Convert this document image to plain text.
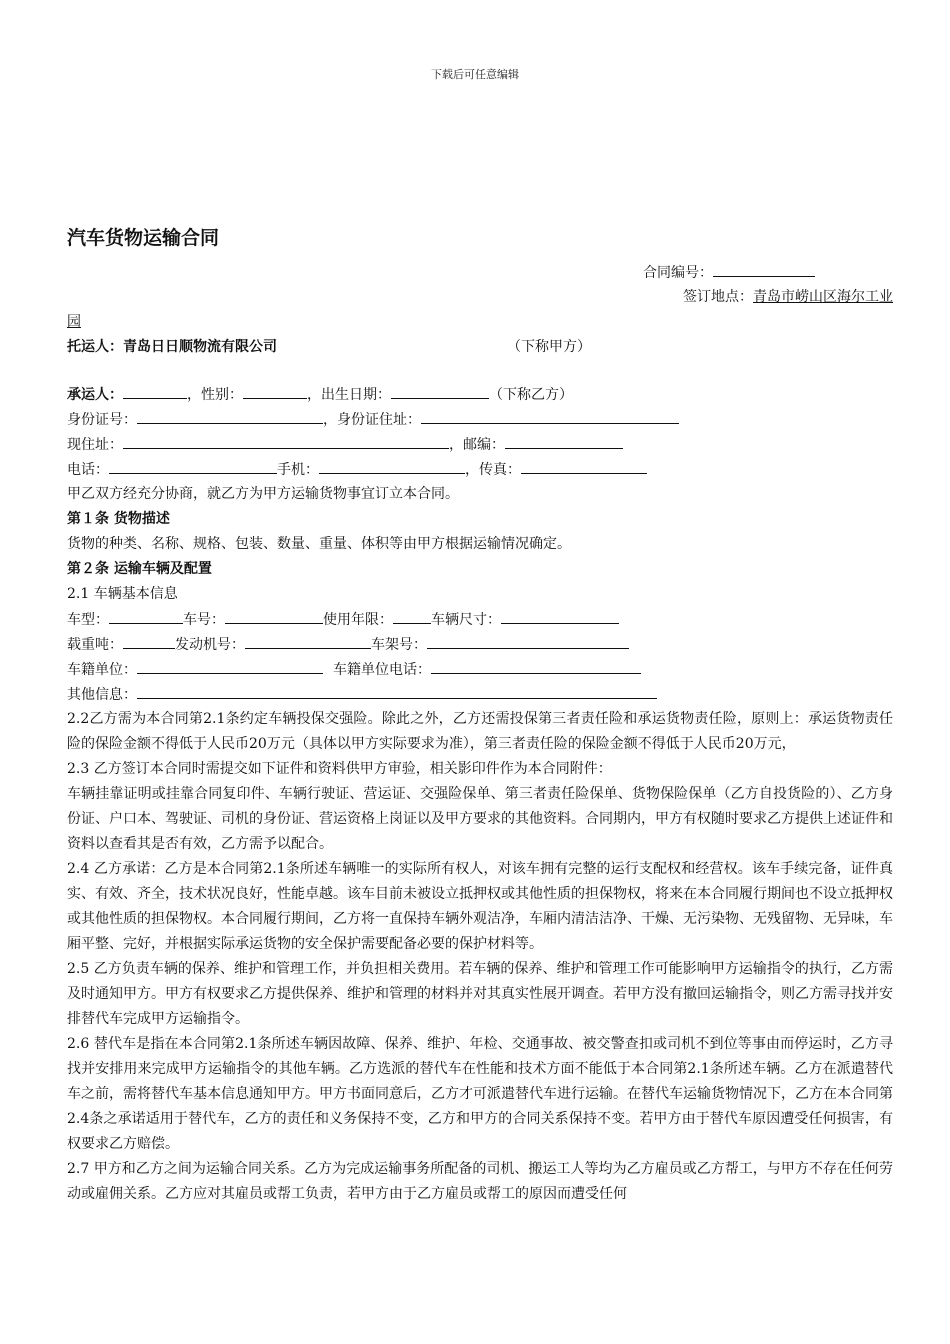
下载后可任意编辑
汽车货物运输合同
合同编号：
签订地点：青岛市崂山区海尔工业
园
托运人：青岛日日顺物流有限公司	（下称甲方）
承运人：	，性别：	，出生日期：	（下称乙方）
身份证号：	，身份证住址：
现住址：	，邮编：
电话：	手机：	，传真：
甲乙双方经充分协商，就乙方为甲方运输货物事宜订立本合同。
第１条 货物描述
货物的种类、名称、规格、包装、数量、重量、体积等由甲方根据运输情况确定。
第２条 运输车辆及配置
2.1 车辆基本信息
车型：	车号：	使用年限：	车辆尺寸：
载重吨：	发动机号：	车架号：
车籍单位：	车籍单位电话：
其他信息：

2.2乙方需为本合同第2.1条约定车辆投保交强险。除此之外，乙方还需投保第三者责任险和承运货物责任险，原则上：承运货物责任险的保险金额不得低于人民币20万元（具体以甲方实际要求为准），第三者责任险的保险金额不得低于人民币20万元，

2.3 乙方签订本合同时需提交如下证件和资料供甲方审验，相关影印件作为本合同附件：

车辆挂靠证明或挂靠合同复印件、车辆行驶证、营运证、交强险保单、第三者责任险保单、货物保险保单（乙方自投货险的）、乙方身份证、户口本、驾驶证、司机的身份证、营运资格上岗证以及甲方要求的其他资料。合同期内，甲方有权随时要求乙方提供上述证件和资料以查看其是否有效，乙方需予以配合。

2.4 乙方承诺：乙方是本合同第2.1条所述车辆唯一的实际所有权人，对该车拥有完整的运行支配权和经营权。该车手续完备，证件真实、有效、齐全，技术状况良好，性能卓越。该车目前未被设立抵押权或其他性质的担保物权，将来在本合同履行期间也不设立抵押权或其他性质的担保物权。本合同履行期间，乙方将一直保持车辆外观洁净，车厢内清洁洁净、干燥、无污染物、无残留物、无异味，车厢平整、完好，并根据实际承运货物的安全保护需要配备必要的保护材料等。

2.5 乙方负责车辆的保养、维护和管理工作，并负担相关费用。若车辆的保养、维护和管理工作可能影响甲方运输指令的执行，乙方需及时通知甲方。甲方有权要求乙方提供保养、维护和管理的材料并对其真实性展开调查。若甲方没有撤回运输指令，则乙方需寻找并安排替代车完成甲方运输指令。

2.6 替代车是指在本合同第2.1条所述车辆因故障、保养、维护、年检、交通事故、被交警查扣或司机不到位等事由而停运时，乙方寻找并安排用来完成甲方运输指令的其他车辆。乙方选派的替代车在性能和技术方面不能低于本合同第2.1条所述车辆。乙方在派遣替代车之前，需将替代车基本信息通知甲方。甲方书面同意后，乙方才可派遣替代车进行运输。在替代车运输货物情况下，乙方在本合同第2.4条之承诺适用于替代车，乙方的责任和义务保持不变，乙方和甲方的合同关系保持不变。若甲方由于替代车原因遭受任何损害，有权要求乙方赔偿。

2.7 甲方和乙方之间为运输合同关系。乙方为完成运输事务所配备的司机、搬运工人等均为乙方雇员或乙方帮工，与甲方不存在任何劳动或雇佣关系。乙方应对其雇员或帮工负责，若甲方由于乙方雇员或帮工的原因而遭受任何
